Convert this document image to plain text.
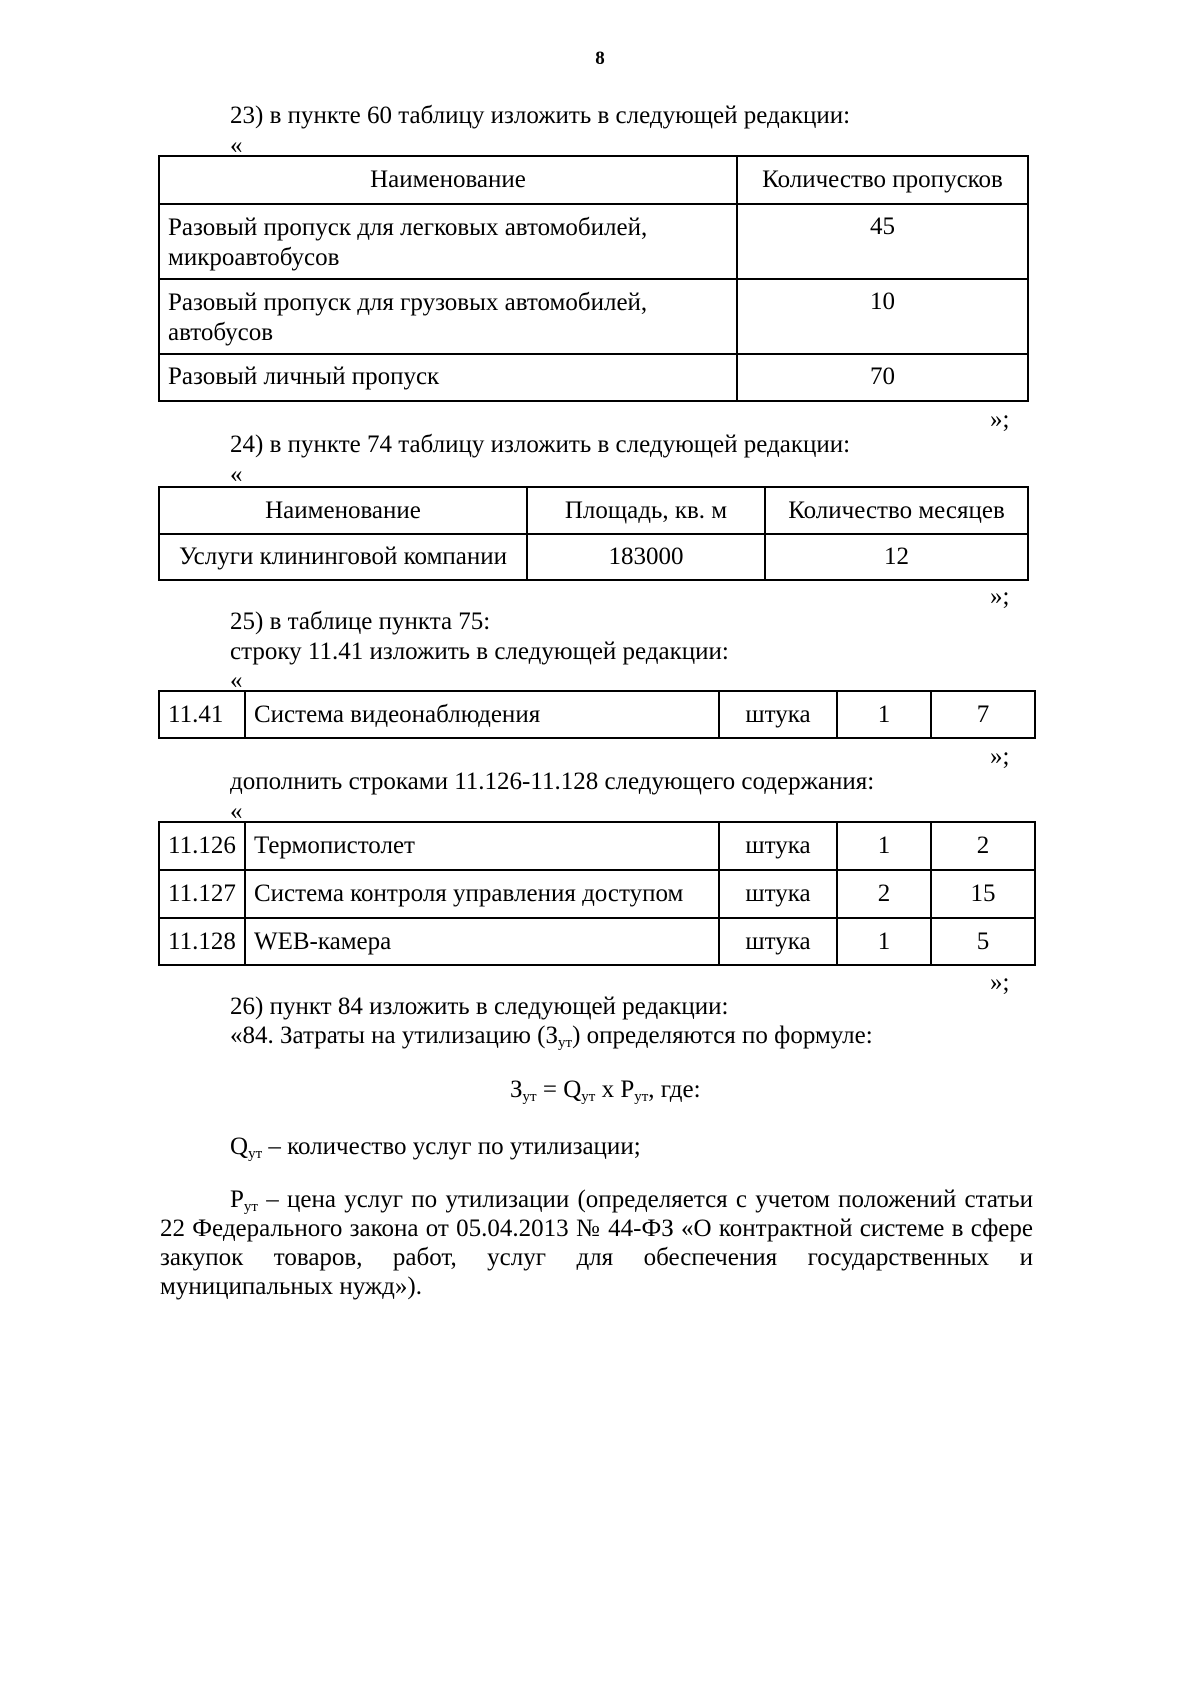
8
23) в пункте 60 таблицу изложить в следующей редакции:
«
Наименование	Количество пропусков
Разовый пропуск для легковых автомобилей, микроавтобусов	45
Разовый пропуск для грузовых автомобилей, автобусов	10
Разовый личный пропуск	70
»;
24) в пункте 74 таблицу изложить в следующей редакции:
«
Наименование	Площадь, кв. м	Количество месяцев
Услуги клининговой компании	183000	12
»;
25) в таблице пункта 75:
строку 11.41 изложить в следующей редакции:
«
11.41	Система видеонаблюдения	штука	1	7
»;
дополнить строками 11.126-11.128 следующего содержания:
«
11.126	Термопистолет	штука	1	2
11.127	Система контроля управления доступом	штука	2	15
11.128	WEB-камера	штука	1	5
»;
26) пункт 84 изложить в следующей редакции:
«84. Затраты на утилизацию $(З_{ут})$ определяются по формуле:
$З_{ут} = Q_{ут}$ х $Р_{ут}$, где:
$Q_{ут}$ – количество услуг по утилизации;
$Р_{ут}$ – цена услуг по утилизации (определяется с учетом положений статьи 22 Федерального закона от 05.04.2013 № 44-ФЗ «О контрактной системе в сфере закупок товаров, работ, услуг для обеспечения государственных и муниципальных нужд»).
